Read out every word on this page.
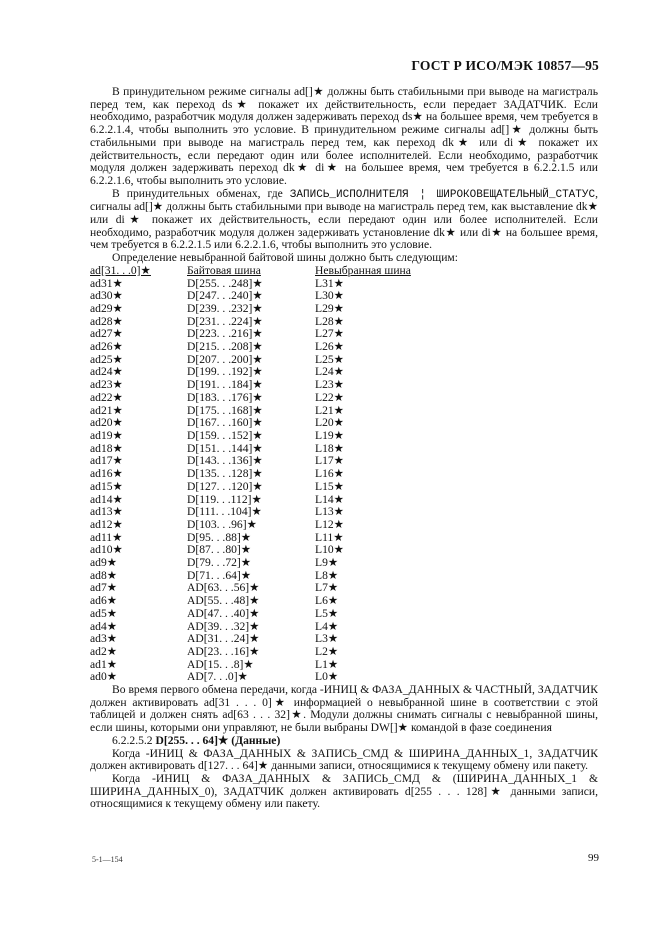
ГОСТ Р ИСО/МЭК 10857—95

В принудительном режиме сигналы ad[]★ должны быть стабильными при выводе на магистраль перед тем, как переход ds★ покажет их действительность, если передает ЗАДАТЧИК. Если необходимо, разработчик модуля должен задерживать переход ds★ на большее время, чем требуется в 6.2.2.1.4, чтобы выполнить это условие. В принудительном режиме сигналы ad[]★ должны быть стабильными при выводе на магистраль перед тем, как переход dk★ или di★ покажет их действительность, если передают один или более исполнителей. Если необходимо, разработчик модуля должен задерживать переход dk★ di★ на большее время, чем требуется в 6.2.2.1.5 или 6.2.2.1.6, чтобы выполнить это условие.

В принудительных обменах, где ЗАПИСЬ_ИСПОЛНИТЕЛЯ ¦ ШИРОКОВЕЩАТЕЛЬНЫЙ_СТАТУС, сигналы ad[]★ должны быть стабильными при выводе на магистраль перед тем, как выставление dk★ или di★ покажет их действительность, если передают один или более исполнителей. Если необходимо, разработчик модуля должен задерживать установление dk★ или di★ на большее время, чем требуется в 6.2.2.1.5 или 6.2.2.1.6, чтобы выполнить это условие.

Определение невыбранной байтовой шины должно быть следующим:

ad[31. . .0]★	Байтовая шина	Невыбранная шина
ad31★	D[255. . .248]★	L31★
ad30★	D[247. . .240]★	L30★
ad29★	D[239. . .232]★	L29★
ad28★	D[231. . .224]★	L28★
ad27★	D[223. . .216]★	L27★
ad26★	D[215. . .208]★	L26★
ad25★	D[207. . .200]★	L25★
ad24★	D[199. . .192]★	L24★
ad23★	D[191. . .184]★	L23★
ad22★	D[183. . .176]★	L22★
ad21★	D[175. . .168]★	L21★
ad20★	D[167. . .160]★	L20★
ad19★	D[159. . .152]★	L19★
ad18★	D[151. . .144]★	L18★
ad17★	D[143. . .136]★	L17★
ad16★	D[135. . .128]★	L16★
ad15★	D[127. . .120]★	L15★
ad14★	D[119. . .112]★	L14★
ad13★	D[111. . .104]★	L13★
ad12★	D[103. . .96]★	L12★
ad11★	D[95. . .88]★	L11★
ad10★	D[87. . .80]★	L10★
ad9★	D[79. . .72]★	L9★
ad8★	D[71. . .64]★	L8★
ad7★	AD[63. . .56]★	L7★
ad6★	AD[55. . .48]★	L6★
ad5★	AD[47. . .40]★	L5★
ad4★	AD[39. . .32]★	L4★
ad3★	AD[31. . .24]★	L3★
ad2★	AD[23. . .16]★	L2★
ad1★	AD[15. . .8]★	L1★
ad0★	AD[7. . .0]★	L0★

Во время первого обмена передачи, когда -ИНИЦ & ФАЗА_ДАННЫХ & ЧАСТНЫЙ, ЗАДАТЧИК должен активировать ad[31 . . . 0]★ информацией о невыбранной шине в соответствии с этой таблицей и должен снять ad[63 . . . 32]★. Модули должны снимать сигналы с невыбранной шины, если шины, которыми они управляют, не были выбраны DW[]★ командой в фазе соединения

6.2.2.5.2 D[255. . . 64]★ (Данные)

Когда -ИНИЦ & ФАЗА_ДАННЫХ & ЗАПИСЬ_СМД & ШИРИНА_ДАННЫХ_1, ЗАДАТЧИК должен активировать d[127. . . 64]★ данными записи, относящимися к текущему обмену или пакету.

Когда -ИНИЦ & ФАЗА_ДАННЫХ & ЗАПИСЬ_СМД & (ШИРИНА_ДАННЫХ_1 & ШИРИНА_ДАННЫХ_0), ЗАДАТЧИК должен активировать d[255 . . . 128]★ данными записи, относящимися к текущему обмену или пакету.

5-1—154	99
